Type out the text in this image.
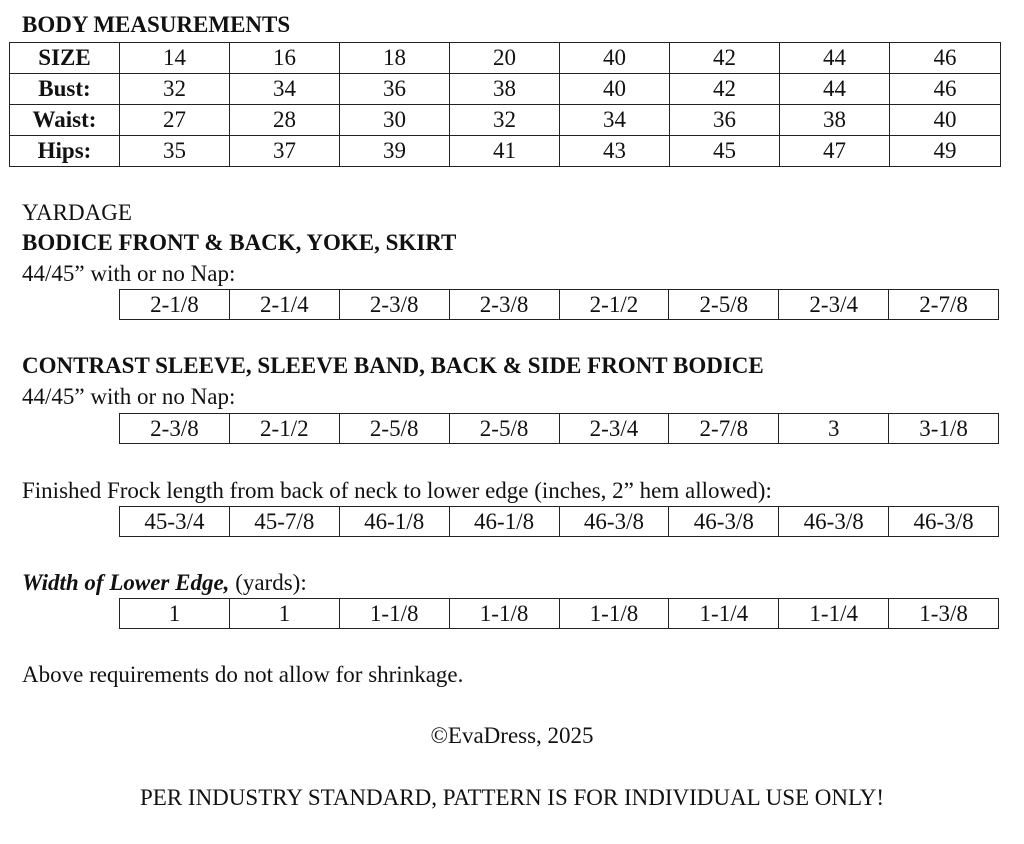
BODY MEASUREMENTS
SIZE	14	16	18	20	40	42	44	46
Bust:	32	34	36	38	40	42	44	46
Waist:	27	28	30	32	34	36	38	40
Hips:	35	37	39	41	43	45	47	49
YARDAGE
BODICE FRONT & BACK, YOKE, SKIRT
44/45” with or no Nap:
2-1/8	2-1/4	2-3/8	2-3/8	2-1/2	2-5/8	2-3/4	2-7/8
CONTRAST SLEEVE, SLEEVE BAND, BACK & SIDE FRONT BODICE
44/45” with or no Nap:
2-3/8	2-1/2	2-5/8	2-5/8	2-3/4	2-7/8	3	3-1/8
Finished Frock length from back of neck to lower edge (inches, 2” hem allowed):
45-3/4	45-7/8	46-1/8	46-1/8	46-3/8	46-3/8	46-3/8	46-3/8
Width of Lower Edge, (yards):
1	1	1-1/8	1-1/8	1-1/8	1-1/4	1-1/4	1-3/8
Above requirements do not allow for shrinkage.
©EvaDress, 2025
PER INDUSTRY STANDARD, PATTERN IS FOR INDIVIDUAL USE ONLY!
